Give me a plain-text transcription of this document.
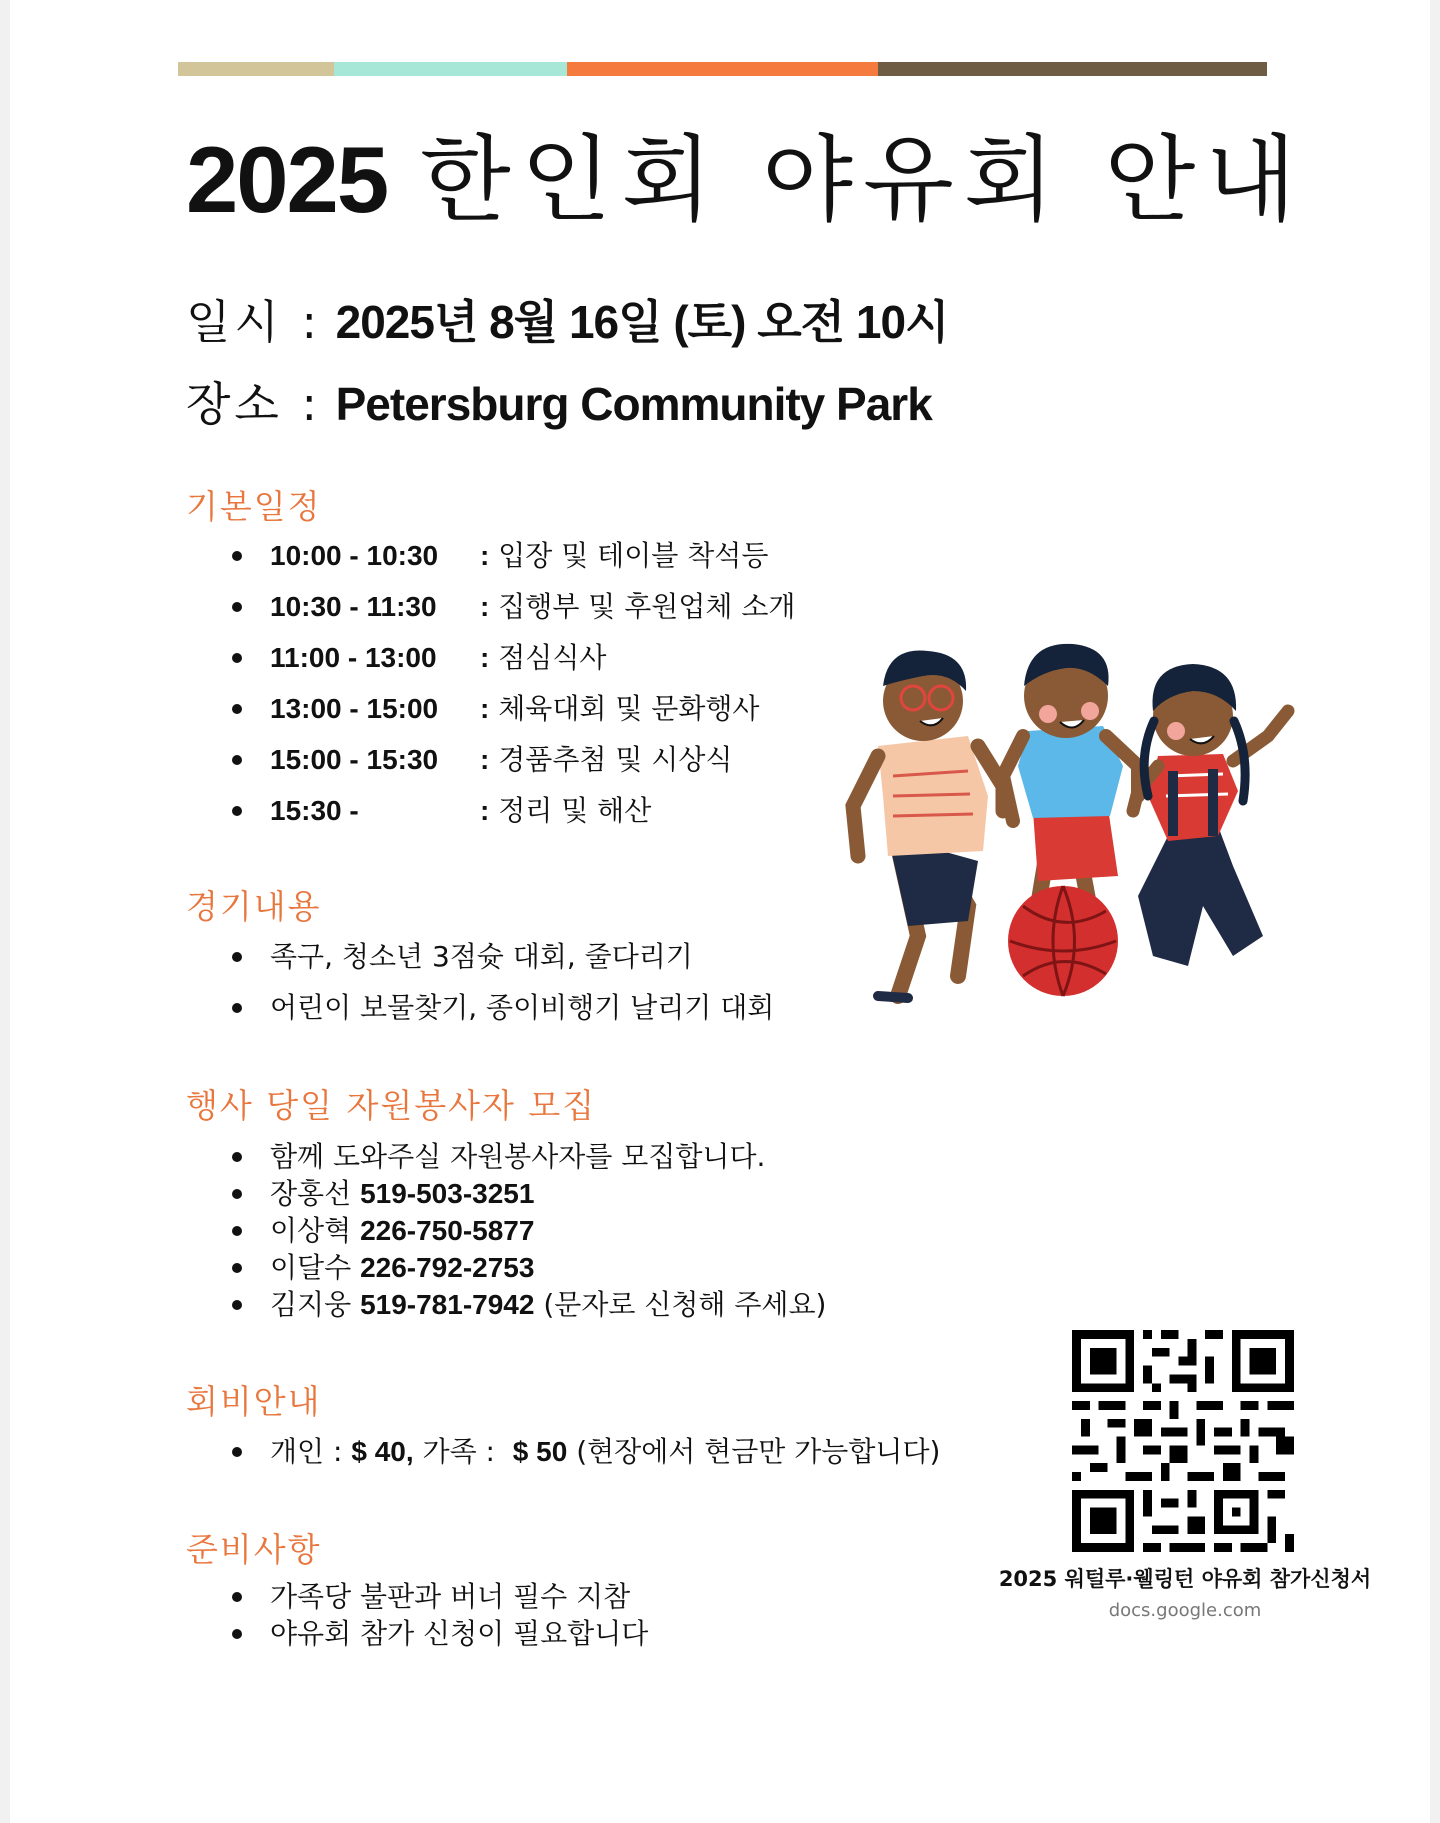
2025 한인회 야유회 안내
일시 : 2025년 8월 16일 (토) 오전 10시
장소 : Petersburg Community Park
기본일정
10:00 - 10:30 : 입장 및 테이블 착석등
10:30 - 11:30 : 집행부 및 후원업체 소개
11:00 - 13:00 : 점심식사
13:00 - 15:00 : 체육대회 및 문화행사
15:00 - 15:30 : 경품추첨 및 시상식
15:30 -	: 정리 및 해산
경기내용
족구, 청소년 3점슛 대회, 줄다리기
어린이 보물찾기, 종이비행기 날리기 대회
행사 당일 자원봉사자 모집
함께 도와주실 자원봉사자를 모집합니다.
장홍선 519-503-3251
이상혁 226-750-5877
이달수 226-792-2753
김지웅 519-781-7942 (문자로 신청해 주세요)
회비안내
개인 : $ 40, 가족 : $ 50 (현장에서 현금만 가능합니다)
준비사항
가족당 불판과 버너 필수 지참
야유회 참가 신청이 필요합니다
2025 워털루·웰링턴 야유회 참가신청서
docs.google.com
